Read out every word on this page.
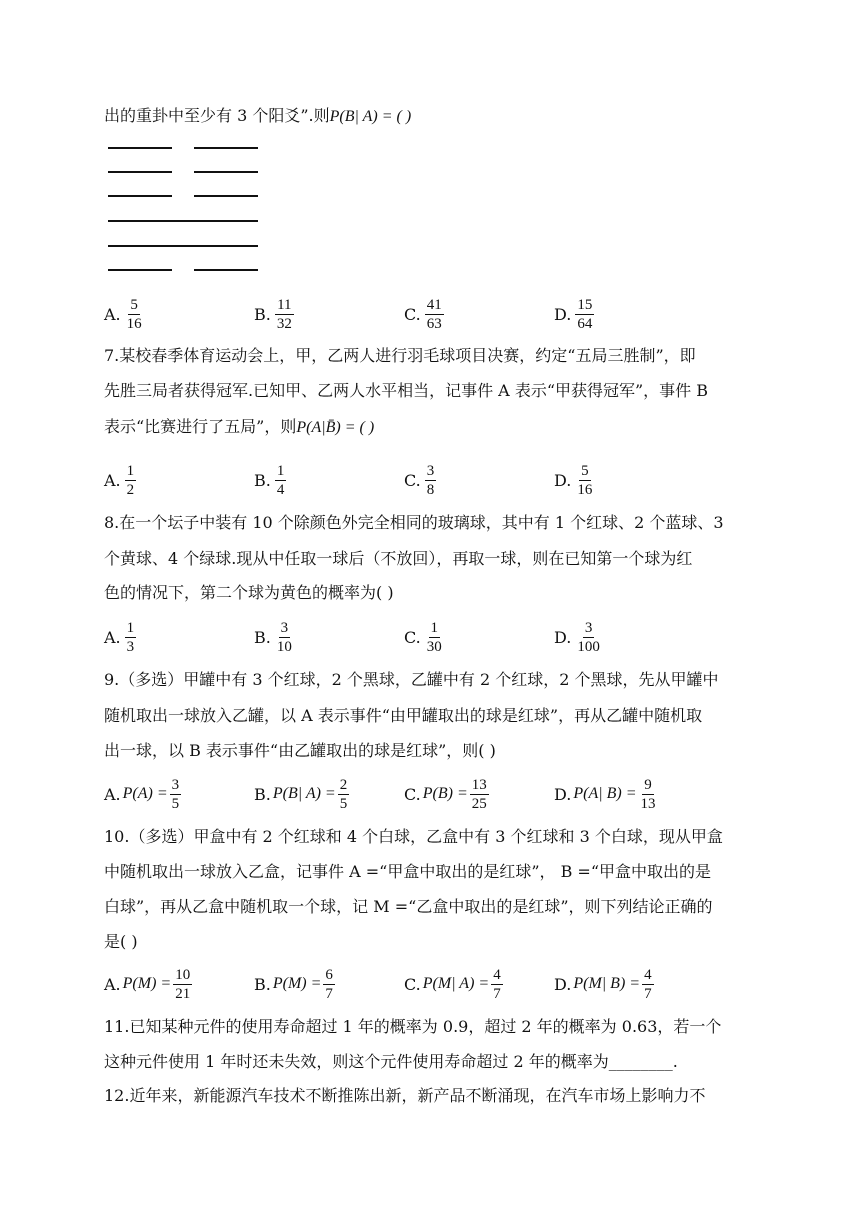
出的重卦中至少有 3 个阳爻”.则P(B| A) = ( )
A. $\frac{5}{16}$	B. $\frac{11}{32}$	C. $\frac{41}{63}$	D. $\frac{15}{64}$
7.某校春季体育运动会上，甲，乙两人进行羽毛球项目决赛，约定“五局三胜制”，即
先胜三局者获得冠军.已知甲、乙两人水平相当，记事件 A 表示“甲获得冠军”，事件 B
表示“比赛进行了五局”，则P(A|B̄) = ( )
A. $\frac{1}{2}$	B. $\frac{1}{4}$	C. $\frac{3}{8}$	D. $\frac{5}{16}$
8.在一个坛子中装有 10 个除颜色外完全相同的玻璃球，其中有 1 个红球、2 个蓝球、3
个黄球、4 个绿球.现从中任取一球后（不放回），再取一球，则在已知第一个球为红
色的情况下，第二个球为黄色的概率为( )
A. $\frac{1}{3}$	B. $\frac{3}{10}$	C. $\frac{1}{30}$	D. $\frac{3}{100}$
9.（多选）甲罐中有 3 个红球，2 个黑球，乙罐中有 2 个红球，2 个黑球，先从甲罐中
随机取出一球放入乙罐，以 A 表示事件“由甲罐取出的球是红球”，再从乙罐中随机取
出一球，以 B 表示事件“由乙罐取出的球是红球”，则( )
A. $P(A) = \frac{3}{5}$	B. P(B| $A) = \frac{2}{5}$	C. $P(B) = \frac{13}{25}$	D. P(A| $B) = \frac{9}{13}$
10.（多选）甲盒中有 2 个红球和 4 个白球，乙盒中有 3 个红球和 3 个白球，现从甲盒
中随机取出一球放入乙盒，记事件 A =“甲盒中取出的是红球”， B =“甲盒中取出的是
白球”，再从乙盒中随机取一个球，记 M =“乙盒中取出的是红球”，则下列结论正确的
是( )
A. $P(M) = \frac{10}{21}$	B. $P(M) = \frac{6}{7}$	C. P(M| $A) = \frac{4}{7}$	D. P(M| $B) = \frac{4}{7}$
11.已知某种元件的使用寿命超过 1 年的概率为 0.9，超过 2 年的概率为 0.63，若一个
这种元件使用 1 年时还未失效，则这个元件使用寿命超过 2 年的概率为________.
12.近年来，新能源汽车技术不断推陈出新，新产品不断涌现，在汽车市场上影响力不
